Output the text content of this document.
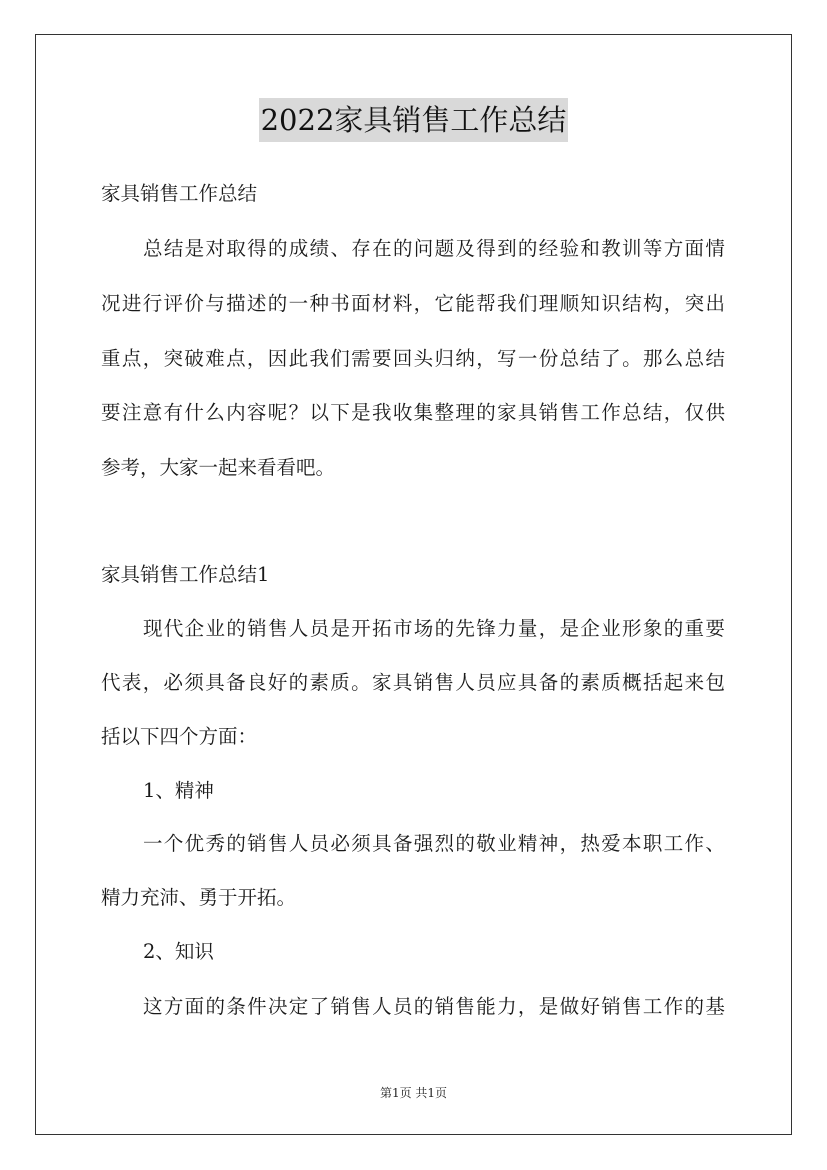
2022家具销售工作总结
家具销售工作总结
总 结 是 对 取 得 的 成 绩 、 存 在 的 问 题 及 得 到 的 经 验 和 教 训 等 方 面 情
况 进 行 评 价 与 描 述 的 一 种 书 面 材 料 ， 它 能 帮 我 们 理 顺 知 识 结 构 ， 突 出
重 点 ， 突 破 难 点 ， 因 此 我 们 需 要 回 头 归 纳 ， 写 一 份 总 结 了 。 那 么 总 结
要 注 意 有 什 么 内 容 呢 ？ 以 下 是 我 收 集 整 理 的 家 具 销 售 工 作 总 结 ， 仅 供
参考，大家一起来看看吧。
家具销售工作总结1
现 代 企 业 的 销 售 人 员 是 开 拓 市 场 的 先 锋 力 量 ， 是 企 业 形 象 的 重 要
代 表 ， 必 须 具 备 良 好 的 素 质 。 家 具 销 售 人 员 应 具 备 的 素 质 概 括 起 来 包
括以下四个方面：
1、精神
一 个 优 秀 的 销 售 人 员 必 须 具 备 强 烈 的 敬 业 精 神 ， 热 爱 本 职 工 作 、
精力充沛、勇于开拓。
2、知识
这 方 面 的 条 件 决 定 了 销 售 人 员 的 销 售 能 力 ， 是 做 好 销 售 工 作 的 基
第1页 共1页
